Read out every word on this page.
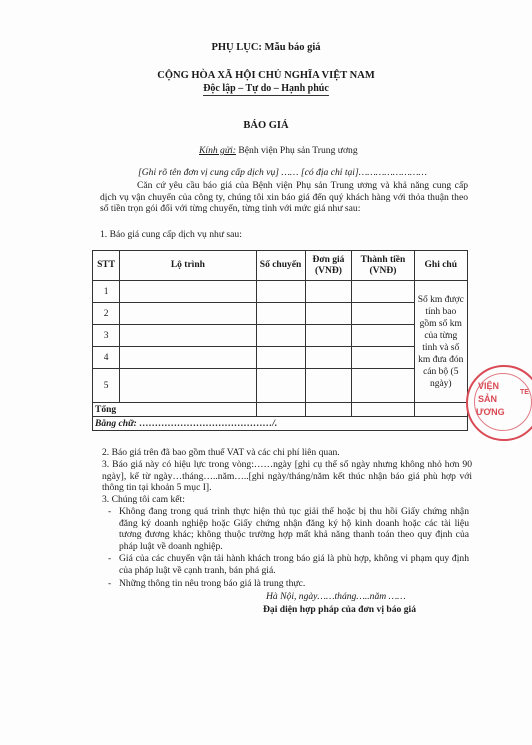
PHỤ LỤC: Mẫu báo giá
CỘNG HÒA XÃ HỘI CHỦ NGHĨA VIỆT NAM
Độc lập – Tự do – Hạnh phúc
BÁO GIÁ
Kính gửi: Bệnh viện Phụ sản Trung ương
[Ghi rõ tên đơn vị cung cấp dịch vụ] …… [có địa chỉ tại]……………………
Căn cứ yêu cầu báo giá của Bệnh viện Phụ sản Trung ương và khả năng cung cấp dịch vụ vận chuyển của công ty, chúng tôi xin báo giá đến quý khách hàng với thỏa thuận theo số tiền trọn gói đối với từng chuyến, từng tỉnh với mức giá như sau:
1. Báo giá cung cấp dịch vụ như sau:
STT	Lộ trình	Số chuyến	Đơn giá (VNĐ)	Thành tiền (VNĐ)	Ghi chú
1					Số km được tính bao gồm số km của từng tỉnh và số km đưa đón cán bộ (5 ngày)
2					
3					
4					
5					
Tổng					
Bằng chữ: ……………………………………/.					
2. Báo giá trên đã bao gồm thuế VAT và các chi phí liên quan.
3. Báo giá này có hiệu lực trong vòng:……ngày [ghi cụ thể số ngày nhưng không nhỏ hơn 90 ngày], kể từ ngày…tháng…..năm…..[ghi ngày/tháng/năm kết thúc nhận báo giá phù hợp với thông tin tại khoản 5 mục I].
3. Chúng tôi cam kết:
- Không đang trong quá trình thực hiện thủ tục giải thể hoặc bị thu hồi Giấy chứng nhận đăng ký doanh nghiệp hoặc Giấy chứng nhận đăng ký hộ kinh doanh hoặc các tài liệu tương đương khác; không thuộc trường hợp mất khả năng thanh toán theo quy định của pháp luật về doanh nghiệp.
- Giá của các chuyến vận tải hành khách trong báo giá là phù hợp, không vi phạm quy định của pháp luật về cạnh tranh, bán phá giá.
- Những thông tin nêu trong báo giá là trung thực.
Hà Nội, ngày……tháng…..năm ……
Đại diện hợp pháp của đơn vị báo giá
VIỆN
SẢN
ƯƠNG
TE
